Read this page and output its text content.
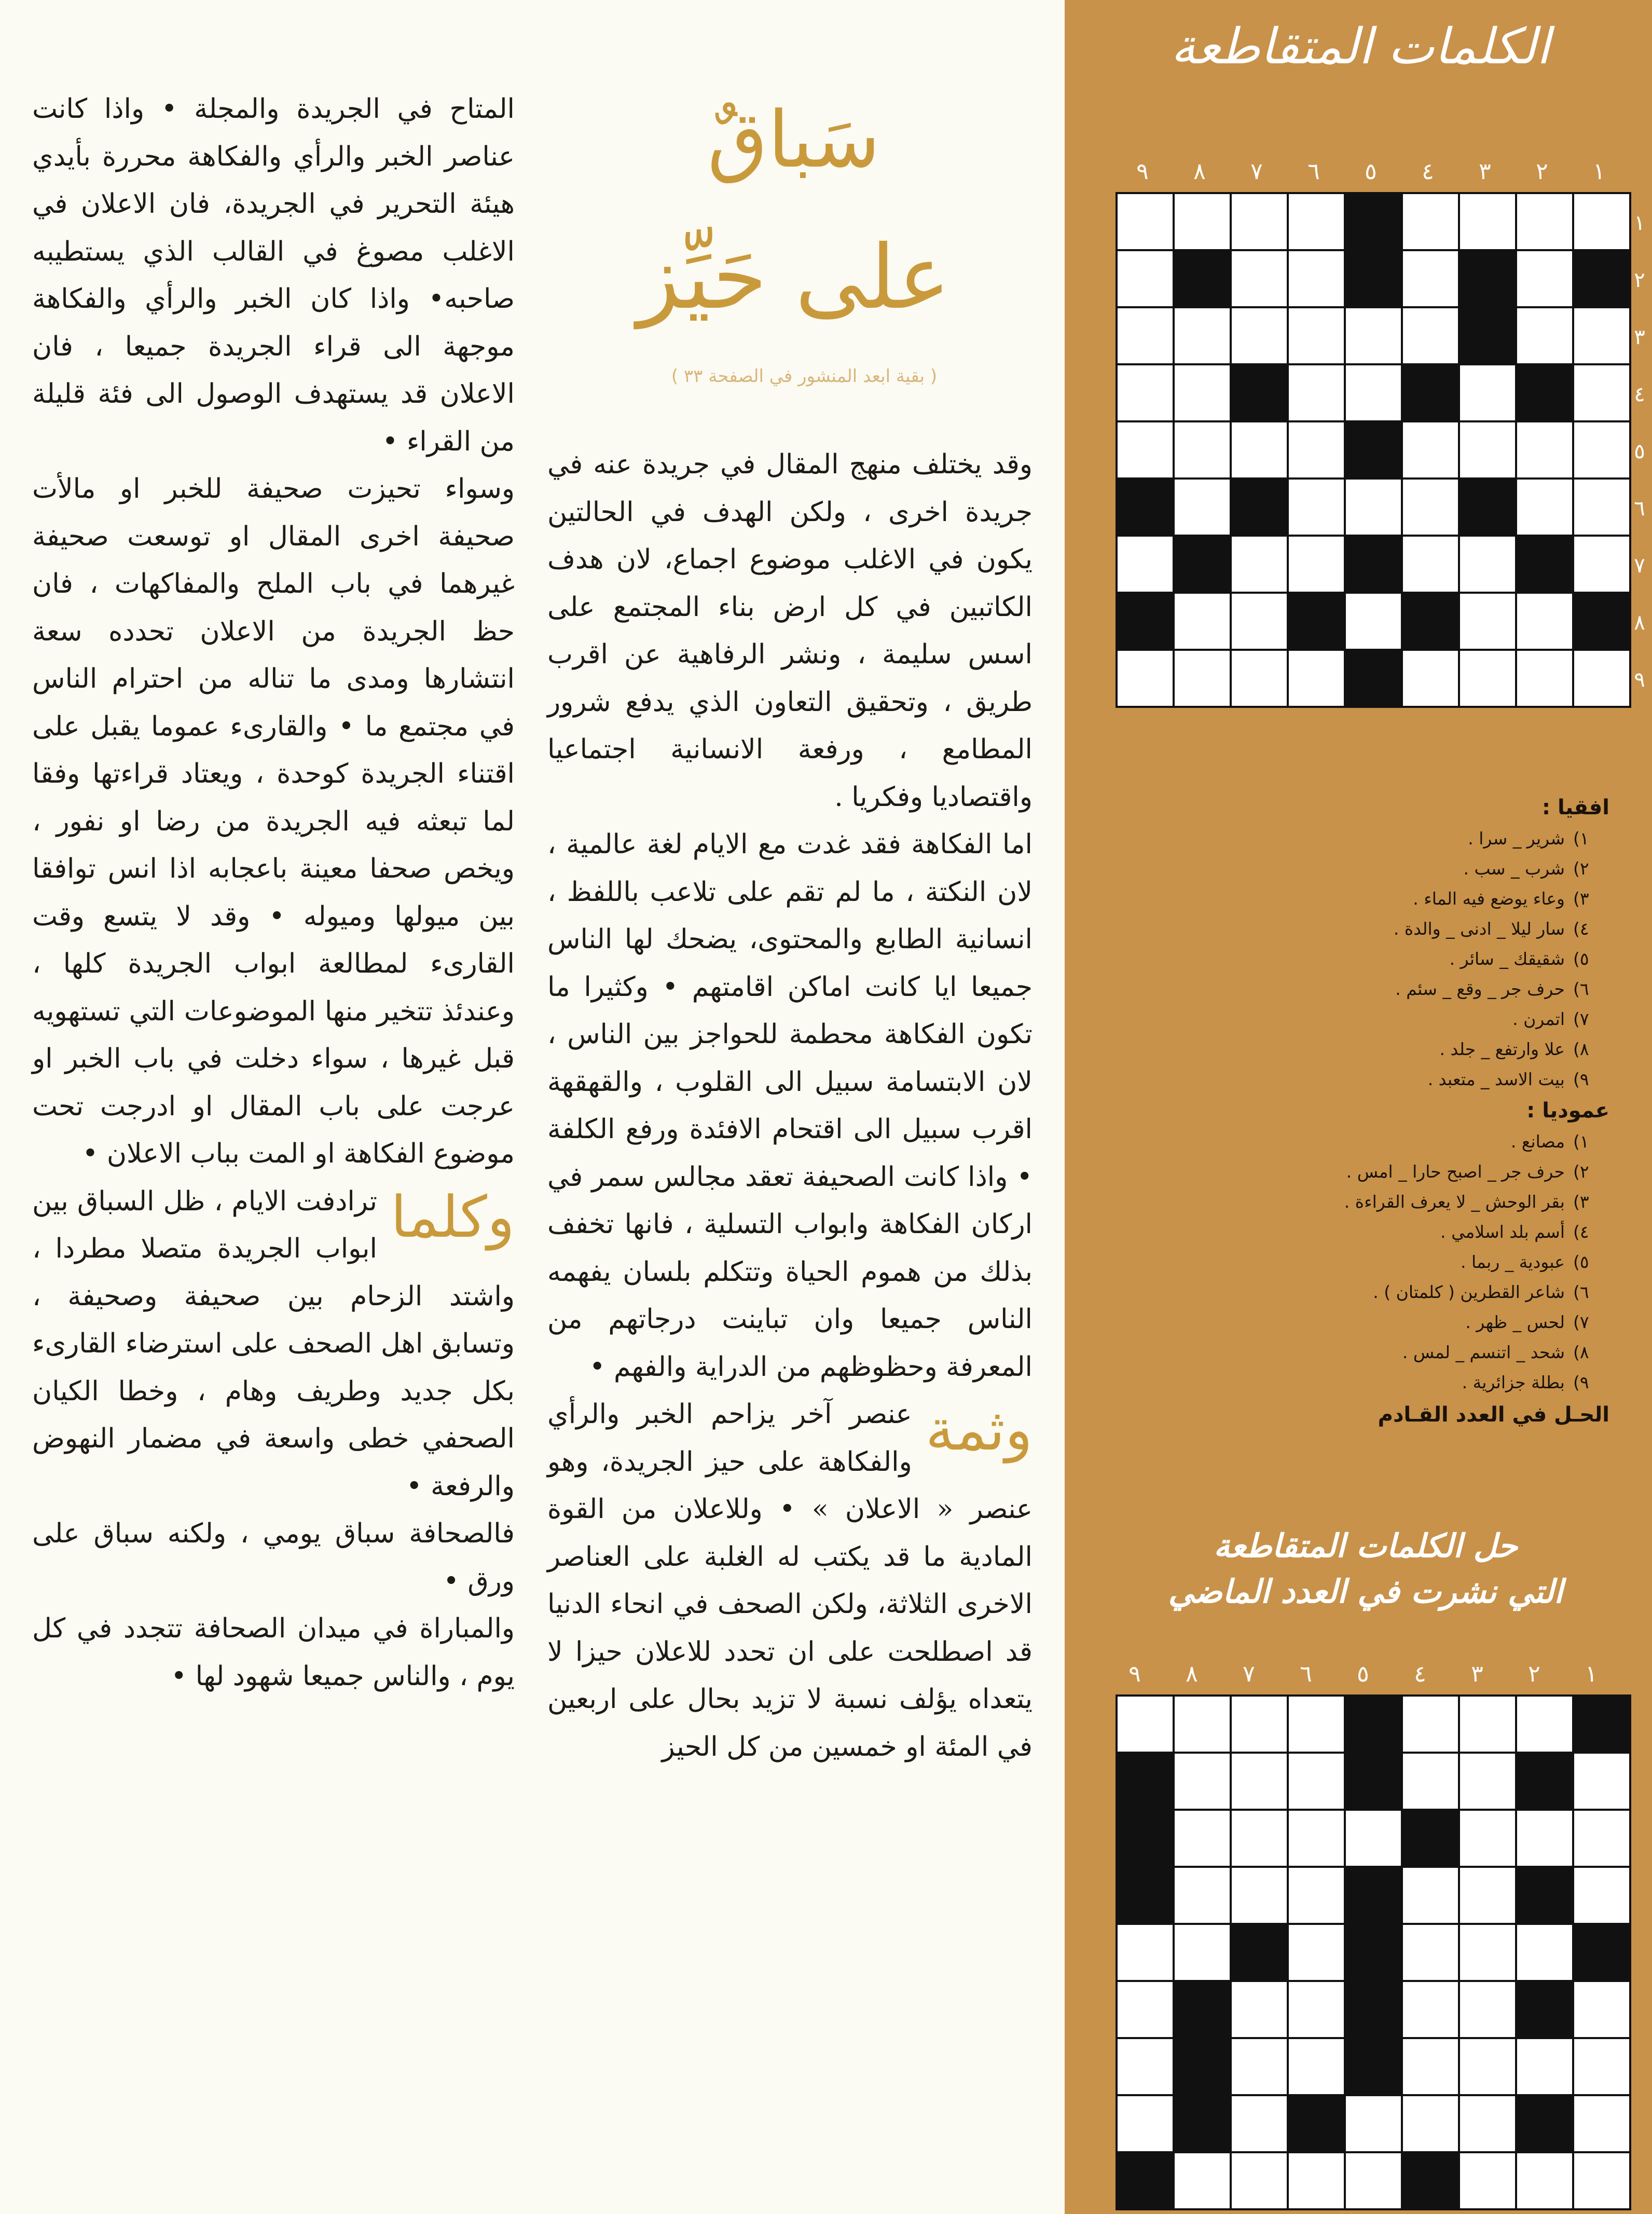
سَباقٌ
على حَيِّز
( بقية ابعد المنشور في الصفحة ٣٣ )

وقد يختلف منهج المقال في جريدة عنه في جريدة اخرى ، ولكن الهدف في الحالتين يكون في الاغلب موضوع اجماع، لان هدف الكاتبين في كل ارض بناء المجتمع على اسس سليمة ، ونشر الرفاهية عن اقرب طريق ، وتحقيق التعاون الذي يدفع شرور المطامع ، ورفعة الانسانية اجتماعيا واقتصاديا وفكريا .

اما الفكاهة فقد غدت مع الايام لغة عالمية ، لان النكتة ، ما لم تقم على تلاعب باللفظ ، انسانية الطابع والمحتوى، يضحك لها الناس جميعا ايا كانت اماكن اقامتهم • وكثيرا ما تكون الفكاهة محطمة للحواجز بين الناس ، لان الابتسامة سبيل الى القلوب ، والقهقهة اقرب سبيل الى اقتحام الافئدة ورفع الكلفة • واذا كانت الصحيفة تعقد مجالس سمر في اركان الفكاهة وابواب التسلية ، فانها تخفف بذلك من هموم الحياة وتتكلم بلسان يفهمه الناس جميعا وان تباينت درجاتهم من المعرفة وحظوظهم من الدراية والفهم •

وثمة
عنصر آخر يزاحم الخبر والرأي والفكاهة على حيز الجريدة، وهو عنصر « الاعلان » • وللاعلان من القوة المادية ما قد يكتب له الغلبة على العناصر الاخرى الثلاثة، ولكن الصحف في انحاء الدنيا قد اصطلحت على ان تحدد للاعلان حيزا لا يتعداه يؤلف نسبة لا تزيد بحال على اربعين في المئة او خمسين من كل الحيز

المتاح في الجريدة والمجلة • واذا كانت عناصر الخبر والرأي والفكاهة محررة بأيدي هيئة التحرير في الجريدة، فان الاعلان في الاغلب مصوغ في القالب الذي يستطيبه صاحبه• واذا كان الخبر والرأي والفكاهة موجهة الى قراء الجريدة جميعا ، فان الاعلان قد يستهدف الوصول الى فئة قليلة من القراء •

وسواء تحيزت صحيفة للخبر او مالأت صحيفة اخرى المقال او توسعت صحيفة غيرهما في باب الملح والمفاكهات ، فان حظ الجريدة من الاعلان تحدده سعة انتشارها ومدى ما تناله من احترام الناس في مجتمع ما • والقارىء عموما يقبل على اقتناء الجريدة كوحدة ، ويعتاد قراءتها وفقا لما تبعثه فيه الجريدة من رضا او نفور ، ويخص صحفا معينة باعجابه اذا انس توافقا بين ميولها وميوله • وقد لا يتسع وقت القارىء لمطالعة ابواب الجريدة كلها ، وعندئذ تتخير منها الموضوعات التي تستهويه قبل غيرها ، سواء دخلت في باب الخبر او عرجت على باب المقال او ادرجت تحت موضوع الفكاهة او المت بباب الاعلان •

وكلما
ترادفت الايام ، ظل السباق بين ابواب الجريدة متصلا مطردا ، واشتد الزحام بين صحيفة وصحيفة ، وتسابق اهل الصحف على استرضاء القارىء بكل جديد وطريف وهام ، وخطا الكيان الصحفي خطى واسعة في مضمار النهوض والرفعة •

فالصحافة سباق يومي ، ولكنه سباق على ورق •

والمباراة في ميدان الصحافة تتجدد في كل يوم ، والناس جميعا شهود لها •

الكلمات المتقاطعة
١
٢
٣
٤
٥
٦
٧
٨
٩
١
٢
٣
٤
٥
٦
٧
٨
٩
افقيا :
١)
شرير _ سرا .
٢)
شرب _ سب .
٣)
وعاء يوضع فيه الماء .
٤)
سار ليلا _ ادنى _ والدة .
٥)
شقيقك _ سائر .
٦)
حرف جر _ وقع _ سئم .
٧)
اتمرن .
٨)
علا وارتفع _ جلد .
٩)
بيت الاسد _ متعبد .
عموديا :
١)
مصانع .
٢)
حرف جر _ اصبح حارا _ امس .
٣)
بقر الوحش _ لا يعرف القراءة .
٤)
أسم بلد اسلامي .
٥)
عبودية _ ربما .
٦)
شاعر القطرين ( كلمتان ) .
٧)
لحس _ ظهر .
٨)
شحد _ اتنسم _ لمس .
٩)
بطلة جزائرية .
الحـل في العدد القـادم
حل الكلمات المتقاطعة
التي نشرت في العدد الماضي
١
٢
٣
٤
٥
٦
٧
٨
٩
